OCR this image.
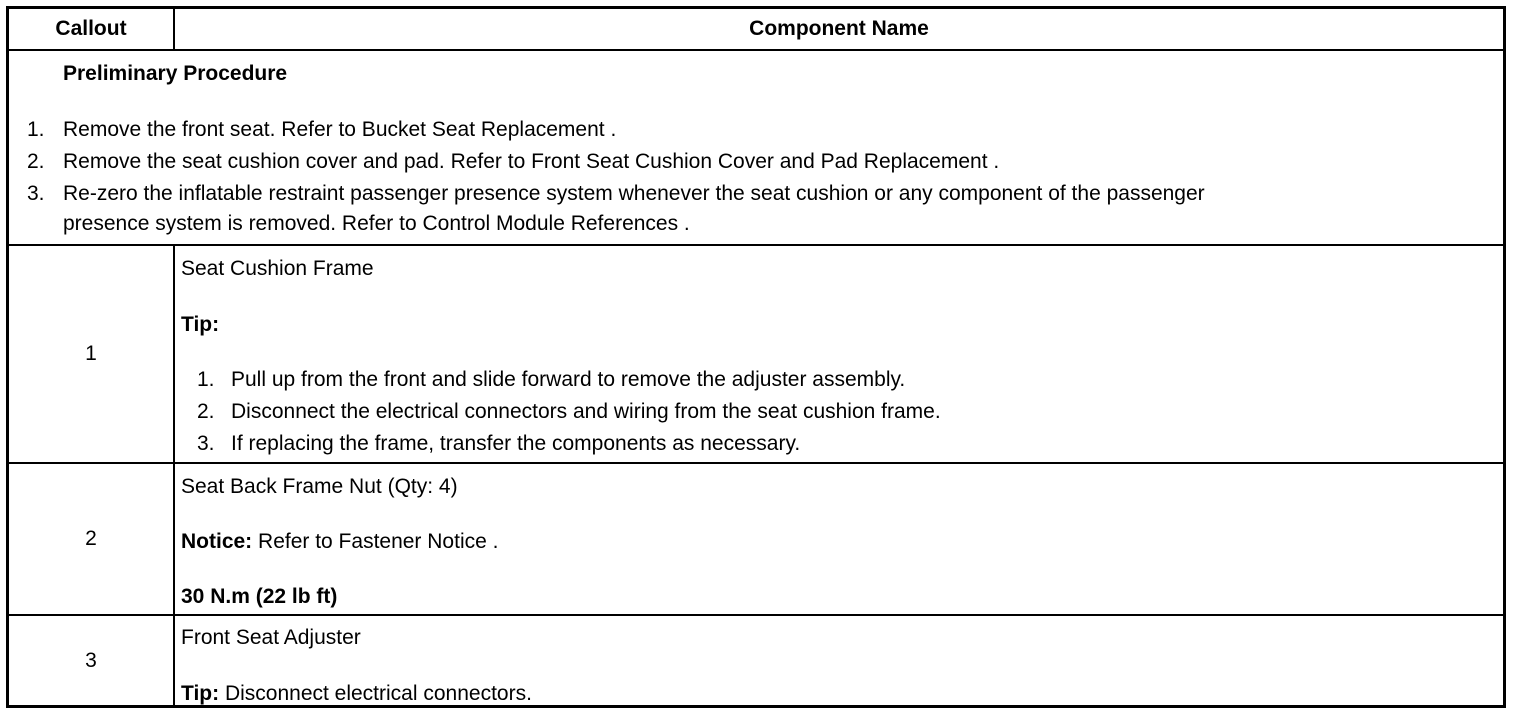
Callout	Component Name
Preliminary Procedure
1. Remove the front seat. Refer to Bucket Seat Replacement .
2. Remove the seat cushion cover and pad. Refer to Front Seat Cushion Cover and Pad Replacement .
3. Re-zero the inflatable restraint passenger presence system whenever the seat cushion or any component of the passenger
presence system is removed. Refer to Control Module References .
1
Seat Cushion Frame
Tip:
1. Pull up from the front and slide forward to remove the adjuster assembly.
2. Disconnect the electrical connectors and wiring from the seat cushion frame.
3. If replacing the frame, transfer the components as necessary.
2
Seat Back Frame Nut (Qty: 4)
Notice: Refer to Fastener Notice .
30 N.m (22 lb ft)
3
Front Seat Adjuster
Tip: Disconnect electrical connectors.
